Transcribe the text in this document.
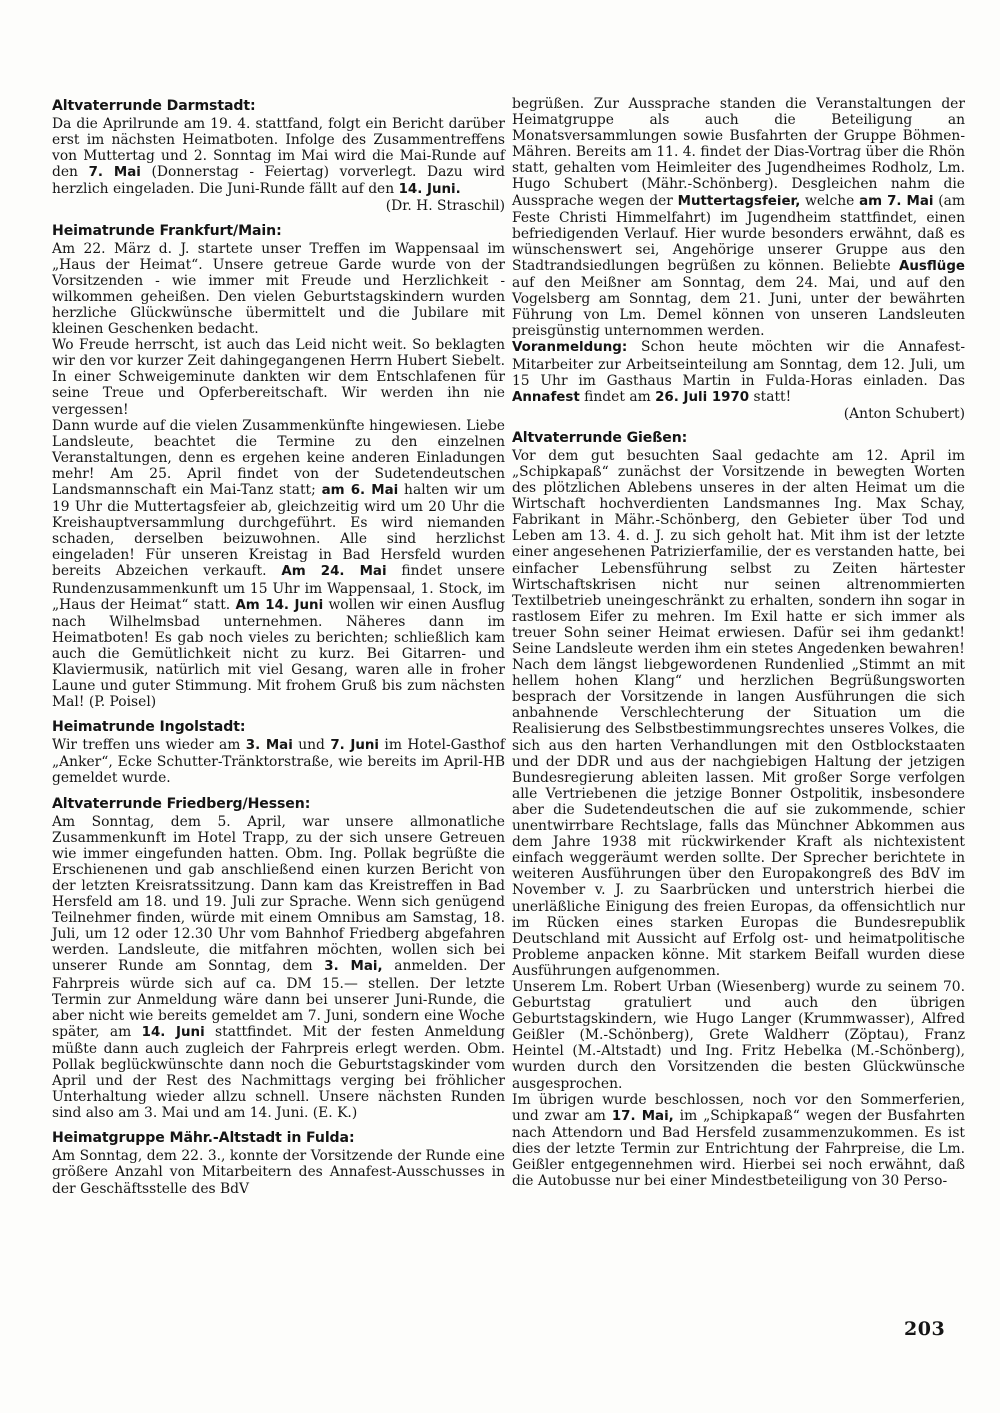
Altvaterrunde Darmstadt:

Da die Aprilrunde am 19. 4. stattfand, folgt ein Bericht darüber erst im nächsten Heimatboten. Infolge des Zusammentreffens von Muttertag und 2. Sonntag im Mai wird die Mai-Runde auf den 7. Mai (Donnerstag - Feiertag) vorverlegt. Dazu wird herzlich eingeladen. Die Juni-Runde fällt auf den 14. Juni.

(Dr. H. Straschil)

Heimatrunde Frankfurt/Main:

Am 22. März d. J. startete unser Treffen im Wappensaal im „Haus der Heimat“. Unsere getreue Garde wurde von der Vorsitzenden - wie immer mit Freude und Herzlichkeit - wilkommen geheißen. Den vielen Geburtstagskindern wurden herzliche Glückwünsche übermittelt und die Jubilare mit kleinen Geschenken bedacht.

Wo Freude herrscht, ist auch das Leid nicht weit. So beklagten wir den vor kurzer Zeit dahingegangenen Herrn Hubert Siebelt. In einer Schweigeminute dankten wir dem Entschlafenen für seine Treue und Opferbereitschaft. Wir werden ihn nie vergessen!

Dann wurde auf die vielen Zusammenkünfte hingewiesen. Liebe Landsleute, beachtet die Termine zu den einzelnen Veranstaltungen, denn es ergehen keine anderen Einladungen mehr! Am 25. April findet von der Sudetendeutschen Landsmannschaft ein Mai-Tanz statt; am 6. Mai halten wir um 19 Uhr die Muttertagsfeier ab, gleichzeitig wird um 20 Uhr die Kreishauptversammlung durchgeführt. Es wird niemanden schaden, derselben beizuwohnen. Alle sind herzlichst eingeladen! Für unseren Kreistag in Bad Hersfeld wurden bereits Abzeichen verkauft. Am 24. Mai findet unsere Rundenzusammenkunft um 15 Uhr im Wappensaal, 1. Stock, im „Haus der Heimat“ statt. Am 14. Juni wollen wir einen Ausflug nach Wilhelmsbad unternehmen. Näheres dann im Heimatboten! Es gab noch vieles zu berichten; schließlich kam auch die Gemütlichkeit nicht zu kurz. Bei Gitarren- und Klaviermusik, natürlich mit viel Gesang, waren alle in froher Laune und guter Stimmung. Mit frohem Gruß bis zum nächsten Mal! (P. Poisel)

Heimatrunde Ingolstadt:

Wir treffen uns wieder am 3. Mai und 7. Juni im Hotel-Gasthof „Anker“, Ecke Schutter-Tränktorstraße, wie bereits im April-HB gemeldet wurde.

Altvaterrunde Friedberg/Hessen:

Am Sonntag, dem 5. April, war unsere allmonatliche Zusammenkunft im Hotel Trapp, zu der sich unsere Getreuen wie immer eingefunden hatten. Obm. Ing. Pollak begrüßte die Erschienenen und gab anschließend einen kurzen Bericht von der letzten Kreisratssitzung. Dann kam das Kreistreffen in Bad Hersfeld am 18. und 19. Juli zur Sprache. Wenn sich genügend Teilnehmer finden, würde mit einem Omnibus am Samstag, 18. Juli, um 12 oder 12.30 Uhr vom Bahnhof Friedberg abgefahren werden. Landsleute, die mitfahren möchten, wollen sich bei unserer Runde am Sonntag, dem 3. Mai, anmelden. Der Fahrpreis würde sich auf ca. DM 15.— stellen. Der letzte Termin zur Anmeldung wäre dann bei unserer Juni-Runde, die aber nicht wie bereits gemeldet am 7. Juni, sondern eine Woche später, am 14. Juni stattfindet. Mit der festen Anmeldung müßte dann auch zugleich der Fahrpreis erlegt werden. Obm. Pollak beglückwünschte dann noch die Geburtstagskinder vom April und der Rest des Nachmittags verging bei fröhlicher Unterhaltung wieder allzu schnell. Unsere nächsten Runden sind also am 3. Mai und am 14. Juni. (E. K.)

Heimatgruppe Mähr.-Altstadt in Fulda:

Am Sonntag, dem 22. 3., konnte der Vorsitzende der Runde eine größere Anzahl von Mitarbeitern des Annafest-Ausschusses in der Geschäftsstelle des BdV

begrüßen. Zur Aussprache standen die Veranstaltungen der Heimatgruppe als auch die Beteiligung an Monatsversammlungen sowie Busfahrten der Gruppe Böhmen-Mähren. Bereits am 11. 4. findet der Dias-Vortrag über die Rhön statt, gehalten vom Heimleiter des Jugendheimes Rodholz, Lm. Hugo Schubert (Mähr.-Schönberg). Desgleichen nahm die Aussprache wegen der Muttertagsfeier, welche am 7. Mai (am Feste Christi Himmelfahrt) im Jugendheim stattfindet, einen befriedigenden Verlauf. Hier wurde besonders erwähnt, daß es wünschenswert sei, Angehörige unserer Gruppe aus den Stadtrandsiedlungen begrüßen zu können. Beliebte Ausflüge auf den Meißner am Sonntag, dem 24. Mai, und auf den Vogelsberg am Sonntag, dem 21. Juni, unter der bewährten Führung von Lm. Demel können von unseren Landsleuten preisgünstig unternommen werden.

Voranmeldung: Schon heute möchten wir die Annafest-Mitarbeiter zur Arbeitseinteilung am Sonntag, dem 12. Juli, um 15 Uhr im Gasthaus Martin in Fulda-Horas einladen. Das Annafest findet am 26. Juli 1970 statt!

(Anton Schubert)

Altvaterrunde Gießen:

Vor dem gut besuchten Saal gedachte am 12. April im „Schipkapaß“ zunächst der Vorsitzende in bewegten Worten des plötzlichen Ablebens unseres in der alten Heimat um die Wirtschaft hochverdienten Landsmannes Ing. Max Schay, Fabrikant in Mähr.-Schönberg, den Gebieter über Tod und Leben am 13. 4. d. J. zu sich geholt hat. Mit ihm ist der letzte einer angesehenen Patrizierfamilie, der es verstanden hatte, bei einfacher Lebensführung selbst zu Zeiten härtester Wirtschaftskrisen nicht nur seinen altrenommierten Textilbetrieb uneingeschränkt zu erhalten, sondern ihn sogar in rastlosem Eifer zu mehren. Im Exil hatte er sich immer als treuer Sohn seiner Heimat erwiesen. Dafür sei ihm gedankt! Seine Landsleute werden ihm ein stetes Angedenken bewahren!

Nach dem längst liebgewordenen Rundenlied „Stimmt an mit hellem hohen Klang“ und herzlichen Begrüßungsworten besprach der Vorsitzende in langen Ausführungen die sich anbahnende Verschlechterung der Situation um die Realisierung des Selbstbestimmungsrechtes unseres Volkes, die sich aus den harten Verhandlungen mit den Ostblockstaaten und der DDR und aus der nachgiebigen Haltung der jetzigen Bundesregierung ableiten lassen. Mit großer Sorge verfolgen alle Vertriebenen die jetzige Bonner Ostpolitik, insbesondere aber die Sudetendeutschen die auf sie zukommende, schier unentwirrbare Rechtslage, falls das Münchner Abkommen aus dem Jahre 1938 mit rückwirkender Kraft als nichtexistent einfach weggeräumt werden sollte. Der Sprecher berichtete in weiteren Ausführungen über den Europakongreß des BdV im November v. J. zu Saarbrücken und unterstrich hierbei die unerläßliche Einigung des freien Europas, da offensichtlich nur im Rücken eines starken Europas die Bundesrepublik Deutschland mit Aussicht auf Erfolg ost- und heimatpolitische Probleme anpacken könne. Mit starkem Beifall wurden diese Ausführungen aufgenommen.

Unserem Lm. Robert Urban (Wiesenberg) wurde zu seinem 70. Geburtstag gratuliert und auch den übrigen Geburtstagskindern, wie Hugo Langer (Krummwasser), Alfred Geißler (M.-Schönberg), Grete Waldherr (Zöptau), Franz Heintel (M.-Altstadt) und Ing. Fritz Hebelka (M.-Schönberg), wurden durch den Vorsitzenden die besten Glückwünsche ausgesprochen.

Im übrigen wurde beschlossen, noch vor den Sommerferien, und zwar am 17. Mai, im „Schipkapaß“ wegen der Busfahrten nach Attendorn und Bad Hersfeld zusammenzukommen. Es ist dies der letzte Termin zur Entrichtung der Fahrpreise, die Lm. Geißler entgegennehmen wird. Hierbei sei noch erwähnt, daß die Autobusse nur bei einer Mindestbeteiligung von 30 Perso-

203
